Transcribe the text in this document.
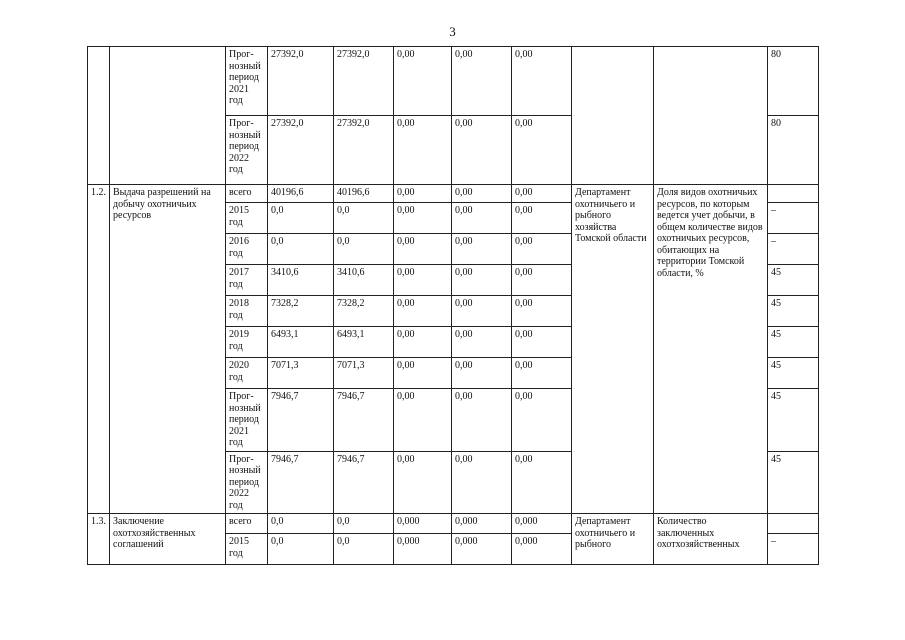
3
		Прог-
нозный
период
2021
год	27392,0	27392,0	0,00	0,00	0,00			80
		Прог-
нозный
период
2022
год	27392,0	27392,0	0,00	0,00	0,00			80
1.2.	Выдача разрешений на добычу охотничьих ресурсов	всего	40196,6	40196,6	0,00	0,00	0,00	Департамент охотничьего и рыбного хозяйства Томской области	Доля видов охотничьих ресурсов, по которым ведется учет добычи, в общем количестве видов охотничьих ресурсов, обитающих на территории Томской области, %	
		2015
год	0,0	0,0	0,00	0,00	0,00			–
		2016
год	0,0	0,0	0,00	0,00	0,00			–
		2017
год	3410,6	3410,6	0,00	0,00	0,00			45
		2018
год	7328,2	7328,2	0,00	0,00	0,00			45
		2019
год	6493,1	6493,1	0,00	0,00	0,00			45
		2020
год	7071,3	7071,3	0,00	0,00	0,00			45
		Прог-
нозный
период
2021
год	7946,7	7946,7	0,00	0,00	0,00			45
		Прог-
нозный
период
2022
год	7946,7	7946,7	0,00	0,00	0,00			45
1.3.	Заключение охотхозяйственных соглашений	всего	0,0	0,0	0,000	0,000	0,000	Департамент охотничьего и рыбного	Количество заключенных охотхозяйственных	
		2015
год	0,0	0,0	0,000	0,000	0,000			–
